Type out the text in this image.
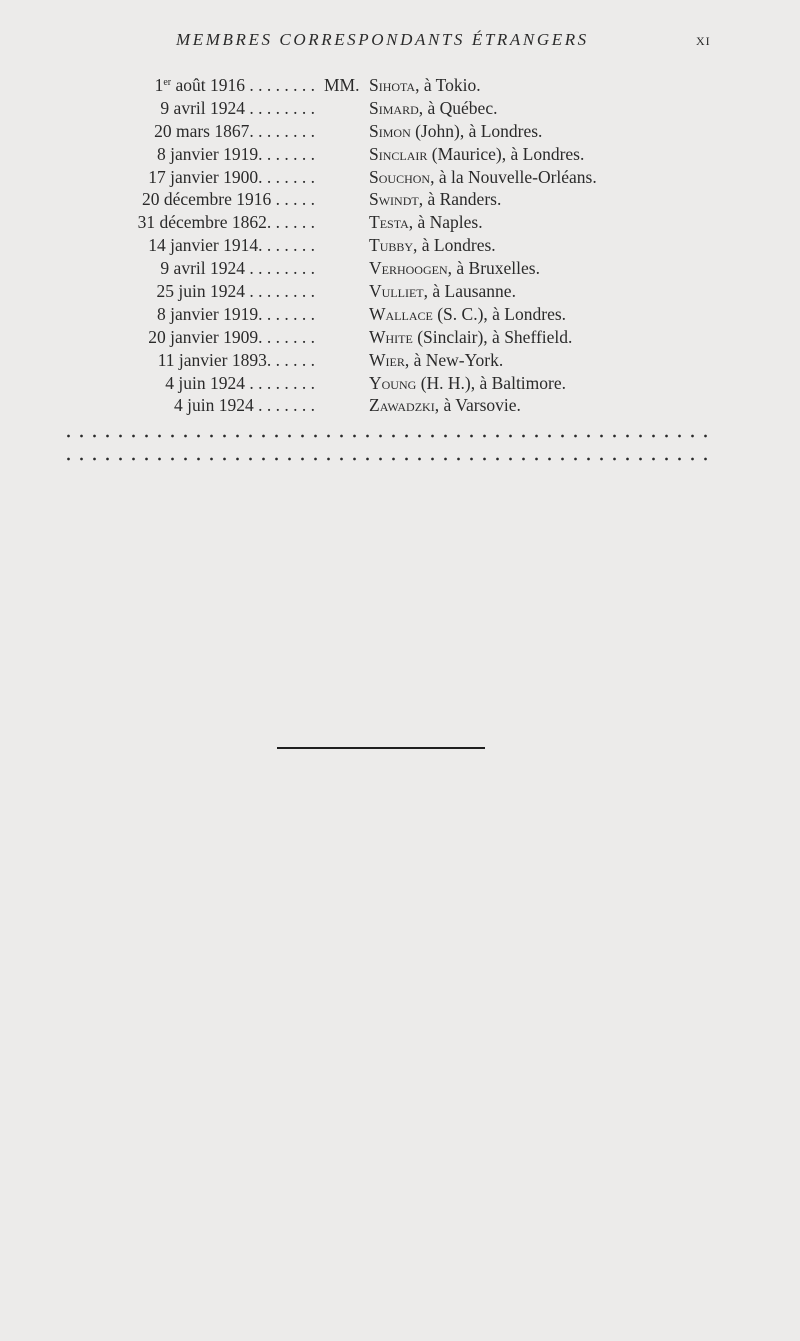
MEMBRES CORRESPONDANTS ÉTRANGERS	XI
1er août 1916 . . . . . . . . MM. Sihota, à Tokio.
9 avril 1924 . . . . . . . .	Simard, à Québec.
20 mars 1867. . . . . . . .	Simon (John), à Londres.
8 janvier 1919. . . . . . .	Sinclair (Maurice), à Londres.
17 janvier 1900. . . . . . .	Souchon, à la Nouvelle-Orléans.
20 décembre 1916 . . . . .	Swindt, à Randers.
31 décembre 1862. . . . . .	Testa, à Naples.
14 janvier 1914. . . . . . .	Tubby, à Londres.
9 avril 1924 . . . . . . . .	Verhoogen, à Bruxelles.
25 juin 1924 . . . . . . . .	Vulliet, à Lausanne.
8 janvier 1919. . . . . . .	Wallace (S. C.), à Londres.
20 janvier 1909. . . . . . .	White (Sinclair), à Sheffield.
11 janvier 1893. . . . . .	Wier, à New-York.
4 juin 1924 . . . . . . . .	Young (H. H.), à Baltimore.
4 juin 1924 . . . . . . .	Zawadzki, à Varsovie.
